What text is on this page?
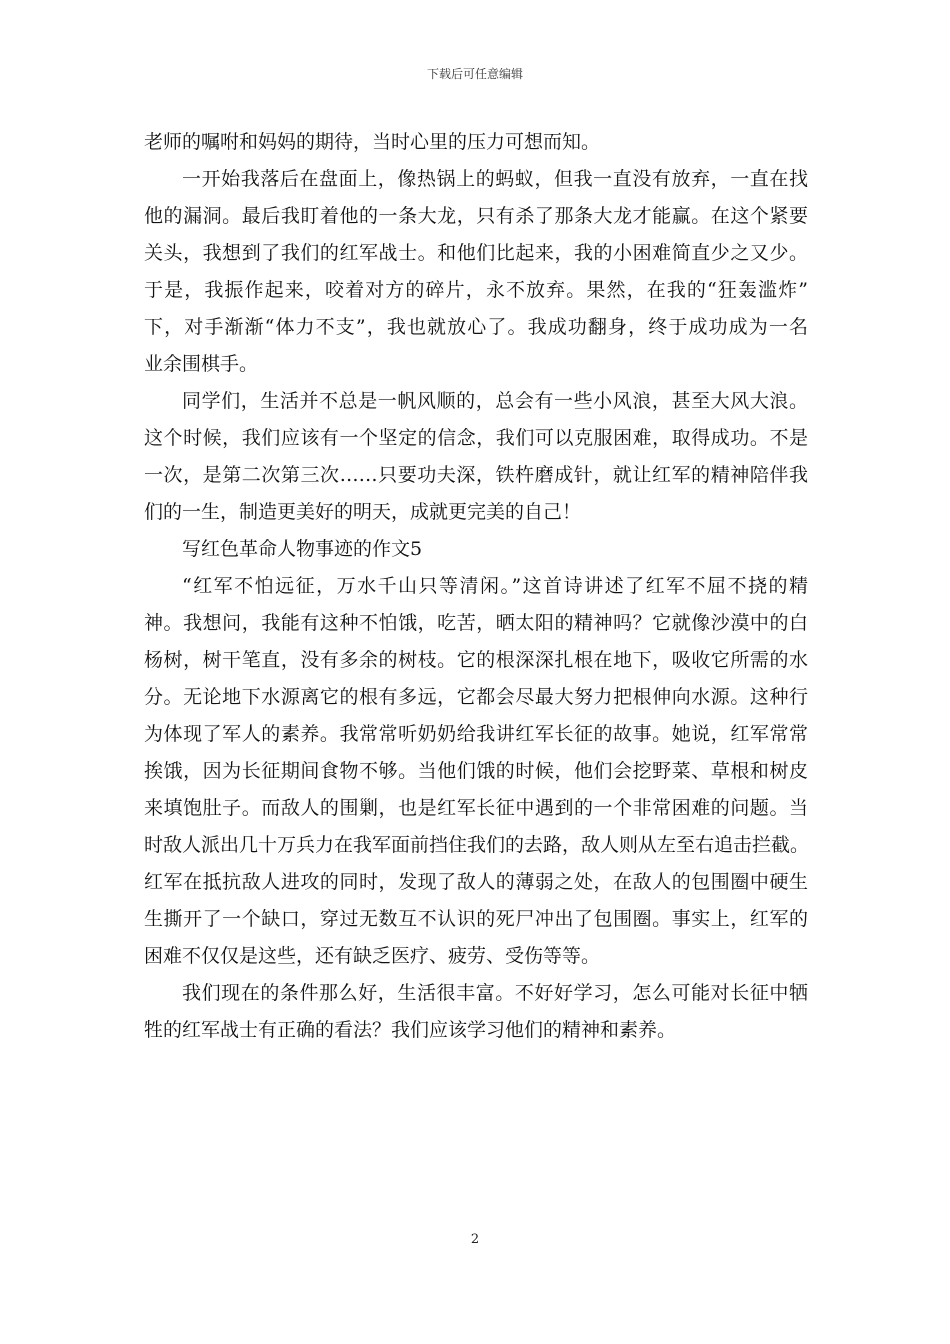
下载后可任意编辑
老师的嘱咐和妈妈的期待，当时心里的压力可想而知。
一开始我落后在盘面上，像热锅上的蚂蚁，但我一直没有放弃，一直在找
他的漏洞。最后我盯着他的一条大龙，只有杀了那条大龙才能赢。在这个紧要
关头，我想到了我们的红军战士。和他们比起来，我的小困难简直少之又少。
于是，我振作起来，咬着对方的碎片，永不放弃。果然，在我的“狂轰滥炸”
下，对手渐渐“体力不支”，我也就放心了。我成功翻身，终于成功成为一名
业余围棋手。
同学们，生活并不总是一帆风顺的，总会有一些小风浪，甚至大风大浪。
这个时候，我们应该有一个坚定的信念，我们可以克服困难，取得成功。不是
一次，是第二次第三次……只要功夫深，铁杵磨成针，就让红军的精神陪伴我
们的一生，制造更美好的明天，成就更完美的自己！
写红色革命人物事迹的作文5
“红军不怕远征，万水千山只等清闲。”这首诗讲述了红军不屈不挠的精
神。我想问，我能有这种不怕饿，吃苦，晒太阳的精神吗？它就像沙漠中的白
杨树，树干笔直，没有多余的树枝。它的根深深扎根在地下，吸收它所需的水
分。无论地下水源离它的根有多远，它都会尽最大努力把根伸向水源。这种行
为体现了军人的素养。我常常听奶奶给我讲红军长征的故事。她说，红军常常
挨饿，因为长征期间食物不够。当他们饿的时候，他们会挖野菜、草根和树皮
来填饱肚子。而敌人的围剿，也是红军长征中遇到的一个非常困难的问题。当
时敌人派出几十万兵力在我军面前挡住我们的去路，敌人则从左至右追击拦截。
红军在抵抗敌人进攻的同时，发现了敌人的薄弱之处，在敌人的包围圈中硬生
生撕开了一个缺口，穿过无数互不认识的死尸冲出了包围圈。事实上，红军的
困难不仅仅是这些，还有缺乏医疗、疲劳、受伤等等。
我们现在的条件那么好，生活很丰富。不好好学习，怎么可能对长征中牺
牲的红军战士有正确的看法？我们应该学习他们的精神和素养。
2
